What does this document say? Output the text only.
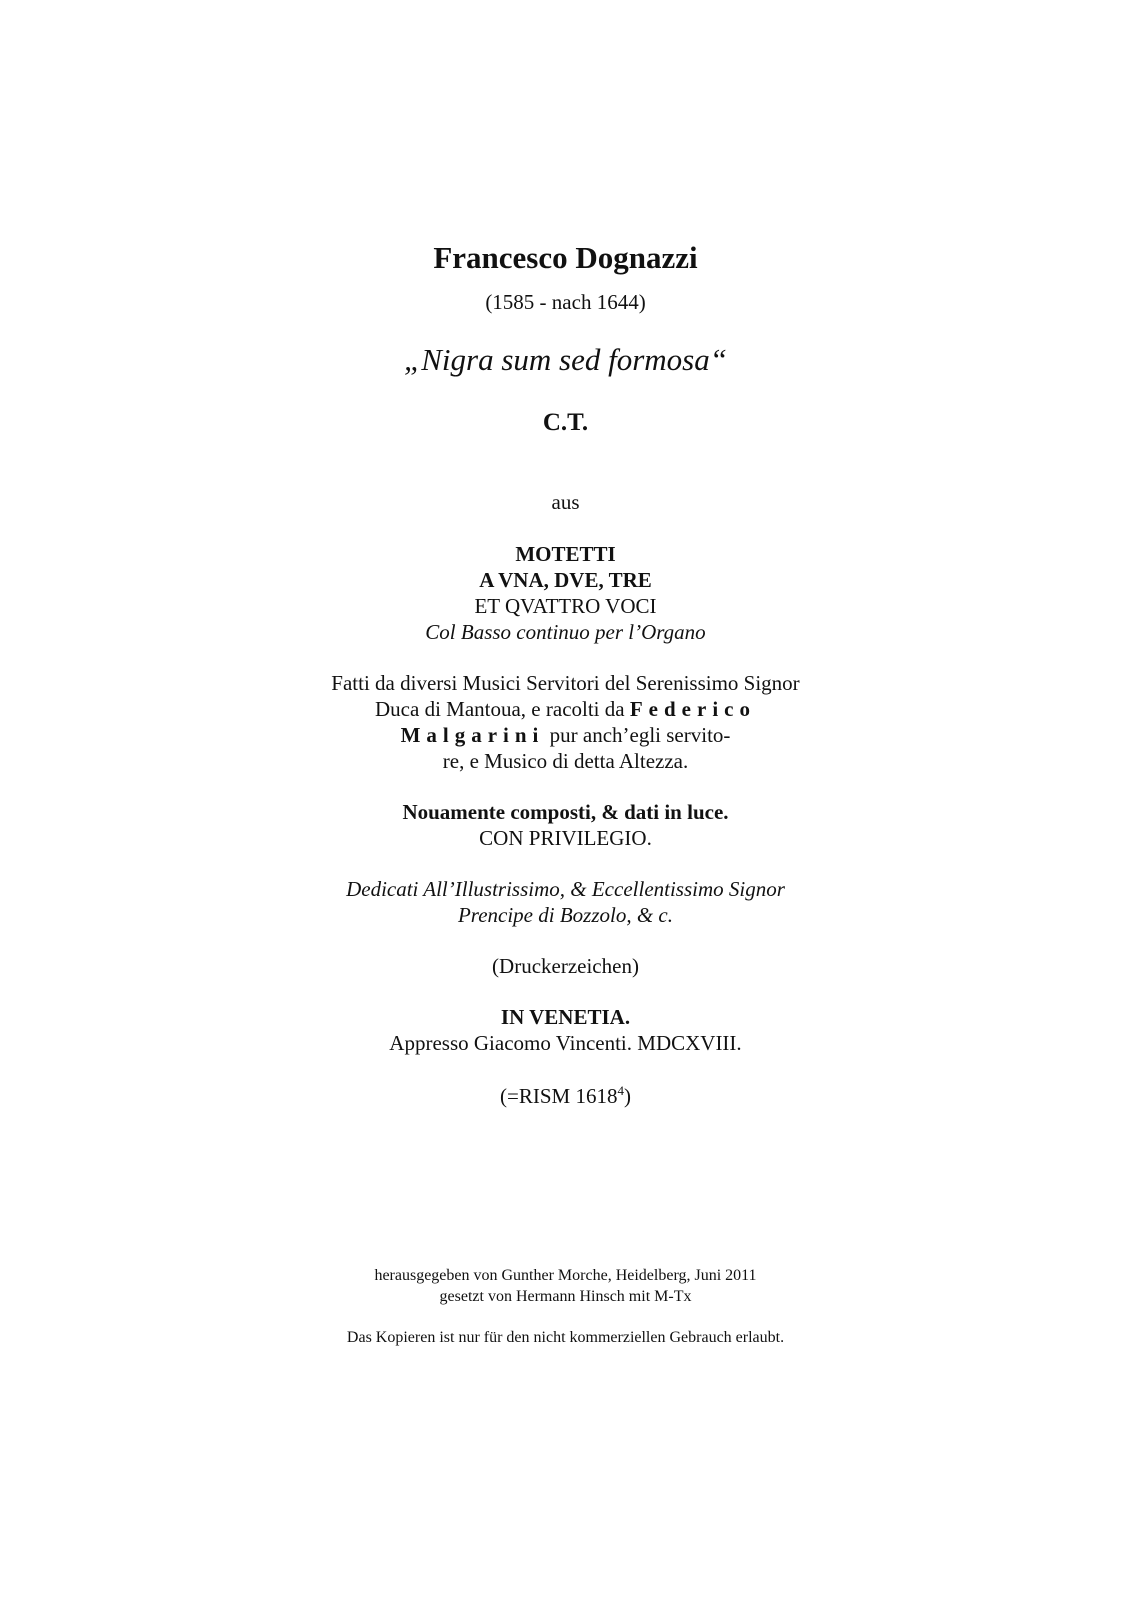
Francesco Dognazzi
(1585 - nach 1644)
„Nigra sum sed formosa“
C.T.
aus
MOTETTI
A VNA, DVE, TRE
ET QVATTRO VOCI
Col Basso continuo per l’Organo
Fatti da diversi Musici Servitori del Serenissimo Signor
Duca di Mantoua, e racolti da Federico
Malgarini pur anch’egli servito-
re, e Musico di detta Altezza.
Nouamente composti, & dati in luce.
CON PRIVILEGIO.
Dedicati All’Illustrissimo, & Eccellentissimo Signor
Prencipe di Bozzolo, & c.
(Druckerzeichen)
IN VENETIA.
Appresso Giacomo Vincenti. MDCXVIII.
(=RISM 1618$^4$)
herausgegeben von Gunther Morche, Heidelberg, Juni 2011
gesetzt von Hermann Hinsch mit M-Tx
Das Kopieren ist nur für den nicht kommerziellen Gebrauch erlaubt.
